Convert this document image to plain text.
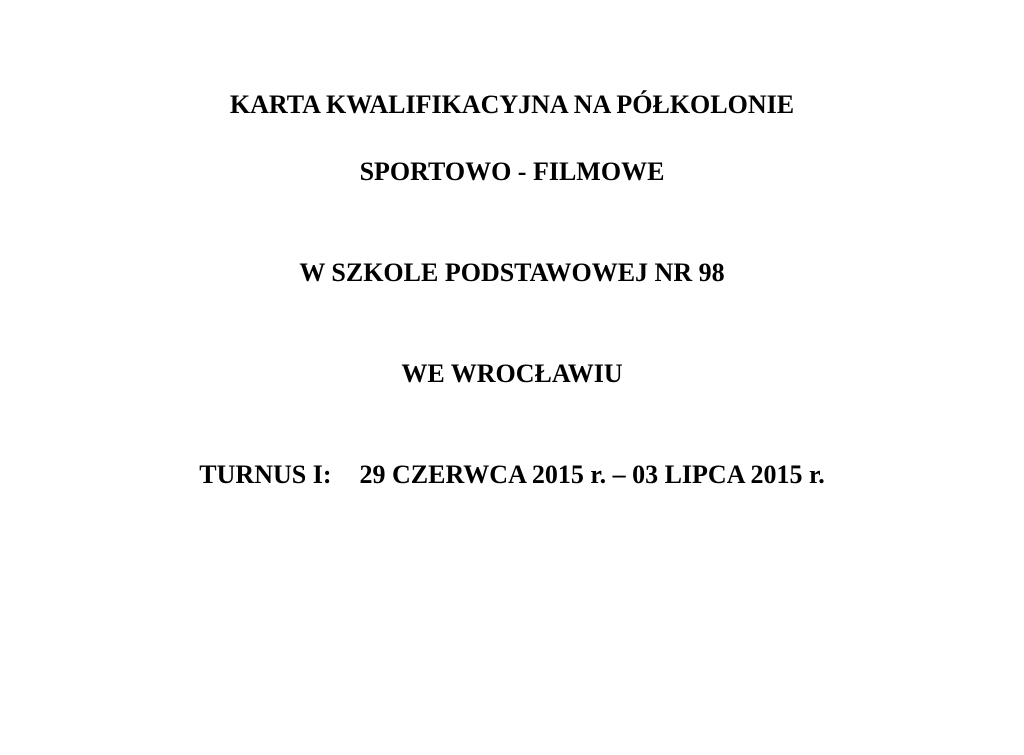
KARTA KWALIFIKACYJNA NA PÓŁKOLONIE
SPORTOWO - FILMOWE
W SZKOLE PODSTAWOWEJ NR 98
WE WROCŁAWIU
TURNUS I: 29 CZERWCA 2015 r. – 03 LIPCA 2015 r.
